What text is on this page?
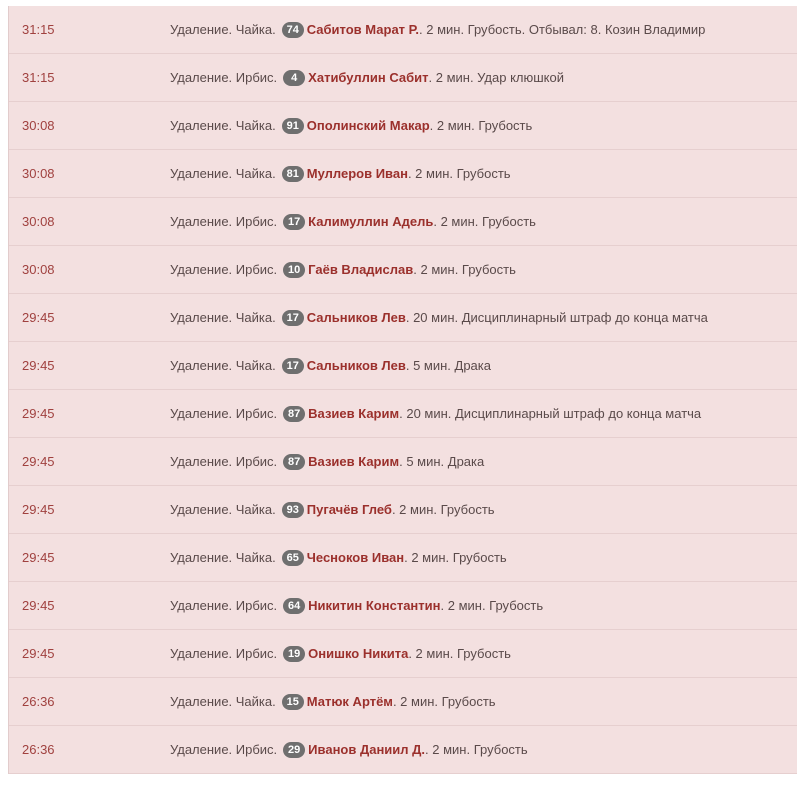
31:15	Удаление. Чайка. 74 Сабитов Марат Р.. 2 мин. Грубость. Отбывал: 8. Козин Владимир
31:15	Удаление. Ирбис. 4 Хатибуллин Сабит. 2 мин. Удар клюшкой
30:08	Удаление. Чайка. 91 Ополинский Макар. 2 мин. Грубость
30:08	Удаление. Чайка. 81 Муллеров Иван. 2 мин. Грубость
30:08	Удаление. Ирбис. 17 Калимуллин Адель. 2 мин. Грубость
30:08	Удаление. Ирбис. 10 Гаёв Владислав. 2 мин. Грубость
29:45	Удаление. Чайка. 17 Сальников Лев. 20 мин. Дисциплинарный штраф до конца матча
29:45	Удаление. Чайка. 17 Сальников Лев. 5 мин. Драка
29:45	Удаление. Ирбис. 87 Вазиев Карим. 20 мин. Дисциплинарный штраф до конца матча
29:45	Удаление. Ирбис. 87 Вазиев Карим. 5 мин. Драка
29:45	Удаление. Чайка. 93 Пугачёв Глеб. 2 мин. Грубость
29:45	Удаление. Чайка. 65 Чесноков Иван. 2 мин. Грубость
29:45	Удаление. Ирбис. 64 Никитин Константин. 2 мин. Грубость
29:45	Удаление. Ирбис. 19 Онишко Никита. 2 мин. Грубость
26:36	Удаление. Чайка. 15 Матюк Артём. 2 мин. Грубость
26:36	Удаление. Ирбис. 29 Иванов Даниил Д.. 2 мин. Грубость
